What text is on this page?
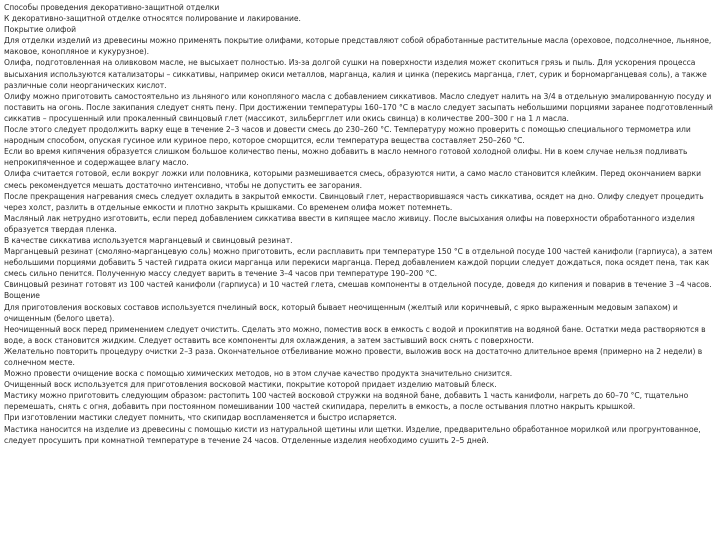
Способы проведения декоративно-защитной отделки

К декоративно-защитной отделке относятся полирование и лакирование.

Покрытие олифой

Для отделки изделий из древесины можно применять покрытие олифами, которые представляют собой обработанные растительные масла (ореховое, подсолнечное, льняное, маковое, конопляное и кукурузное).

Олифа, подготовленная на оливковом масле, не высыхает полностью. Из-за долгой сушки на поверхности изделия может скопиться грязь и пыль. Для ускорения процесса высыхания используются катализаторы – сиккативы, например окиси металлов, марганца, калия и цинка (перекись марганца, глет, сурик и борномарганцевая соль), а также различные соли неорганических кислот.

Олифу можно приготовить самостоятельно из льняного или конопляного масла с добавлением сиккативов. Масло следует налить на 3/4 в отдельную эмалированную посуду и поставить на огонь. После закипания следует снять пену. При достижении температуры 160–170 °С в масло следует засыпать небольшими порциями заранее подготовленный сиккатив – просушенный или прокаленный свинцовый глет (массикот, зильбергглет или окись свинца) в количестве 200–300 г на 1 л масла.

После этого следует продолжить варку еще в течение 2–3 часов и довести смесь до 230–260 °С. Температуру можно проверить с помощью специального термометра или народным способом, опуская гусиное или куриное перо, которое сморщится, если температура вещества составляет 250–260 °С.

Если во время кипячения образуется слишком большое количество пены, можно добавить в масло немного готовой холодной олифы. Ни в коем случае нельзя подливать непрокипяченное и содержащее влагу масло.

Олифа считается готовой, если вокруг ложки или половника, которыми размешивается смесь, образуются нити, а само масло становится клейким. Перед окончанием варки смесь рекомендуется мешать достаточно интенсивно, чтобы не допустить ее загорания.

После прекращения нагревания смесь следует охладить в закрытой емкости. Свинцовый глет, нерастворившаяся часть сиккатива, осядет на дно. Олифу следует процедить через холст, разлить в отдельные емкости и плотно закрыть крышками. Со временем олифа может потемнеть.

Масляный лак нетрудно изготовить, если перед добавлением сиккатива ввести в кипящее масло живицу. После высыхания олифы на поверхности обработанного изделия образуется твердая пленка.

В качестве сиккатива используется марганцевый и свинцовый резинат.

Марганцевый резинат (смоляно-марганцевую соль) можно приготовить, если расплавить при температуре 150 °С в отдельной посуде 100 частей канифоли (гарпиуса), а затем небольшими порциями добавить 5 частей гидрата окиси марганца или перекиси марганца. Перед добавлением каждой порции следует дождаться, пока осядет пена, так как смесь сильно пенится. Полученную массу следует варить в течение 3–4 часов при температуре 190–200 °С.

Свинцовый резинат готовят из 100 частей канифоли (гарпиуса) и 10 частей глета, смешав компоненты в отдельной посуде, доведя до кипения и поварив в течение 3 –4 часов.

Вощение

Для приготовления восковых составов используется пчелиный воск, который бывает неочищенным (желтый или коричневый, с ярко выраженным медовым запахом) и очищенным (белого цвета).

Неочищенный воск перед применением следует очистить. Сделать это можно, поместив воск в емкость с водой и прокипятив на водяной бане. Остатки меда растворяются в воде, а воск становится жидким. Следует оставить все компоненты для охлаждения, а затем застывший воск снять с поверхности.

Желательно повторить процедуру очистки 2–3 раза. Окончательное отбеливание можно провести, выложив воск на достаточно длительное время (примерно на 2 недели) в солнечном месте.

Можно провести очищение воска с помощью химических методов, но в этом случае качество продукта значительно снизится.

Очищенный воск используется для приготовления восковой мастики, покрытие которой придает изделию матовый блеск.

Мастику можно приготовить следующим образом: растопить 100 частей восковой стружки на водяной бане, добавить 1 часть канифоли, нагреть до 60–70 °С, тщательно перемешать, снять с огня, добавить при постоянном помешивании 100 частей скипидара, перелить в емкость, а после остывания плотно накрыть крышкой.

При изготовлении мастики следует помнить, что скипидар воспламеняется и быстро испаряется.

Мастика наносится на изделие из древесины с помощью кисти из натуральной щетины или щетки. Изделие, предварительно обработанное морилкой или прогрунтованное, следует просушить при комнатной температуре в течение 24 часов. Отделенные изделия необходимо сушить 2–5 дней.
